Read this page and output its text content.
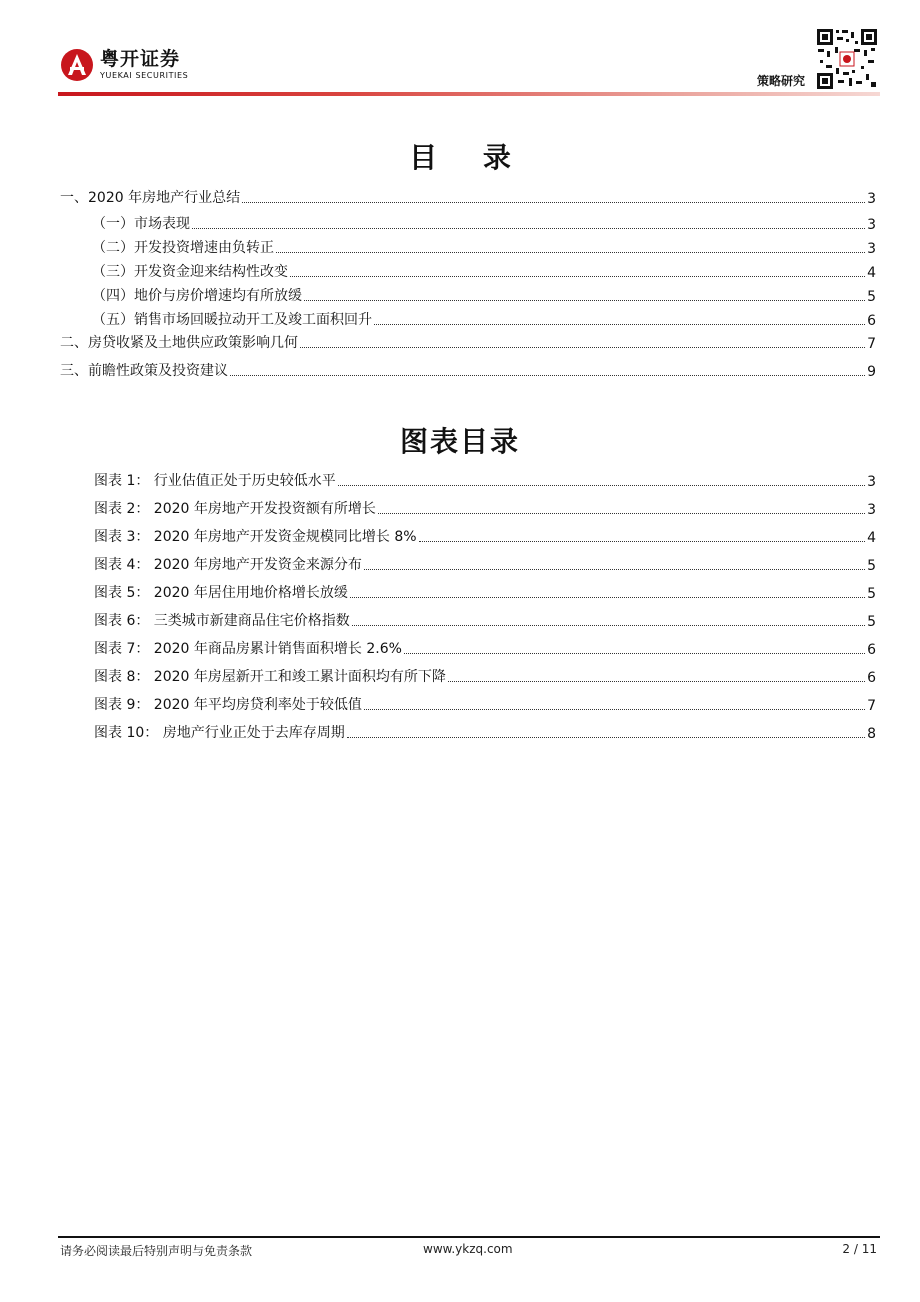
粤开证券
YUEKAI SECURITIES	策略研究
目 录
一、2020 年房地产行业总结	3
（一）市场表现	3
（二）开发投资增速由负转正	3
（三）开发资金迎来结构性改变	4
（四）地价与房价增速均有所放缓	5
（五）销售市场回暖拉动开工及竣工面积回升	6
二、房贷收紧及土地供应政策影响几何	7
三、前瞻性政策及投资建议	9
图表目录
图表 1： 行业估值正处于历史较低水平	3
图表 2： 2020 年房地产开发投资额有所增长	3
图表 3： 2020 年房地产开发资金规模同比增长 8%	4
图表 4： 2020 年房地产开发资金来源分布	5
图表 5： 2020 年居住用地价格增长放缓	5
图表 6： 三类城市新建商品住宅价格指数	5
图表 7： 2020 年商品房累计销售面积增长 2.6%	6
图表 8： 2020 年房屋新开工和竣工累计面积均有所下降	6
图表 9： 2020 年平均房贷利率处于较低值	7
图表 10： 房地产行业正处于去库存周期	8
请务必阅读最后特别声明与免责条款	www.ykzq.com	2 / 11
